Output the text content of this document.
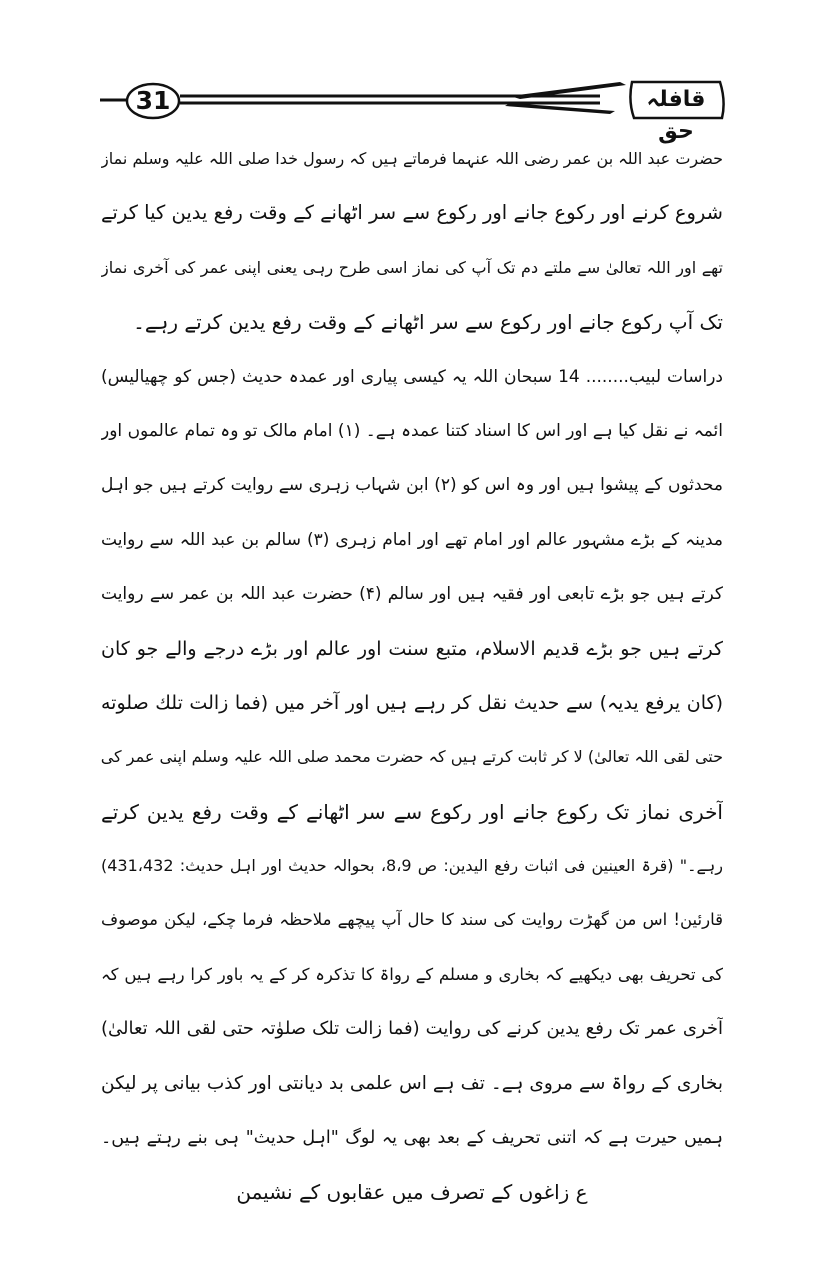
31	قافلہ حق
حضرت عبد اللہ بن عمر رضی اللہ عنہما فرماتے ہیں کہ رسول خدا صلی اللہ علیہ وسلم نماز
شروع کرنے اور رکوع جانے اور رکوع سے سر اٹھانے کے وقت رفع یدین کیا کرتے
تھے اور اللہ تعالیٰ سے ملتے دم تک آپ کی نماز اسی طرح رہی یعنی اپنی عمر کی آخری نماز
تک آپ رکوع جانے اور رکوع سے سر اٹھانے کے وقت رفع یدین کرتے رہے۔
دراسات لبیب........ 14 سبحان اللہ یہ کیسی پیاری اور عمدہ حدیث (جس کو چھیالیس)
ائمہ نے نقل کیا ہے اور اس کا اسناد کتنا عمدہ ہے۔ (۱) امام مالک تو وہ تمام عالموں اور
محدثوں کے پیشوا ہیں اور وہ اس کو (۲) ابن شہاب زہری سے روایت کرتے ہیں جو اہل
مدینہ کے بڑے مشہور عالم اور امام تھے اور امام زہری (۳) سالم بن عبد اللہ سے روایت
کرتے ہیں جو بڑے تابعی اور فقیہ ہیں اور سالم (۴) حضرت عبد اللہ بن عمر سے روایت
کرتے ہیں جو بڑے قدیم الاسلام، متبع سنت اور عالم اور بڑے درجے والے جو کان
(کان یرفع یدیہ) سے حدیث نقل کر رہے ہیں اور آخر میں (فما زالت تلك صلوته
حتی لقی اللہ تعالیٰ) لا کر ثابت کرتے ہیں کہ حضرت محمد صلی اللہ علیہ وسلم اپنی عمر کی
آخری نماز تک رکوع جانے اور رکوع سے سر اٹھانے کے وقت رفع یدین کرتے
رہے۔" (قرۃ العینین فی اثبات رفع الیدین: ص 8،9، بحوالہ حدیث اور اہل حدیث: 431،432)
قارئین! اس من گھڑت روایت کی سند کا حال آپ پیچھے ملاحظہ فرما چکے، لیکن موصوف
کی تحریف بھی دیکھیے کہ بخاری و مسلم کے رواۃ کا تذکرہ کر کے یہ باور کرا رہے ہیں کہ
آخری عمر تک رفع یدین کرنے کی روایت (فما زالت تلک صلوٰتہ حتی لقی اللہ تعالیٰ)
بخاری کے رواۃ سے مروی ہے۔ تف ہے اس علمی بد دیانتی اور کذب بیانی پر لیکن
ہمیں حیرت ہے کہ اتنی تحریف کے بعد بھی یہ لوگ "اہل حدیث" ہی بنے رہتے ہیں۔
ع زاغوں کے تصرف میں عقابوں کے نشیمن
